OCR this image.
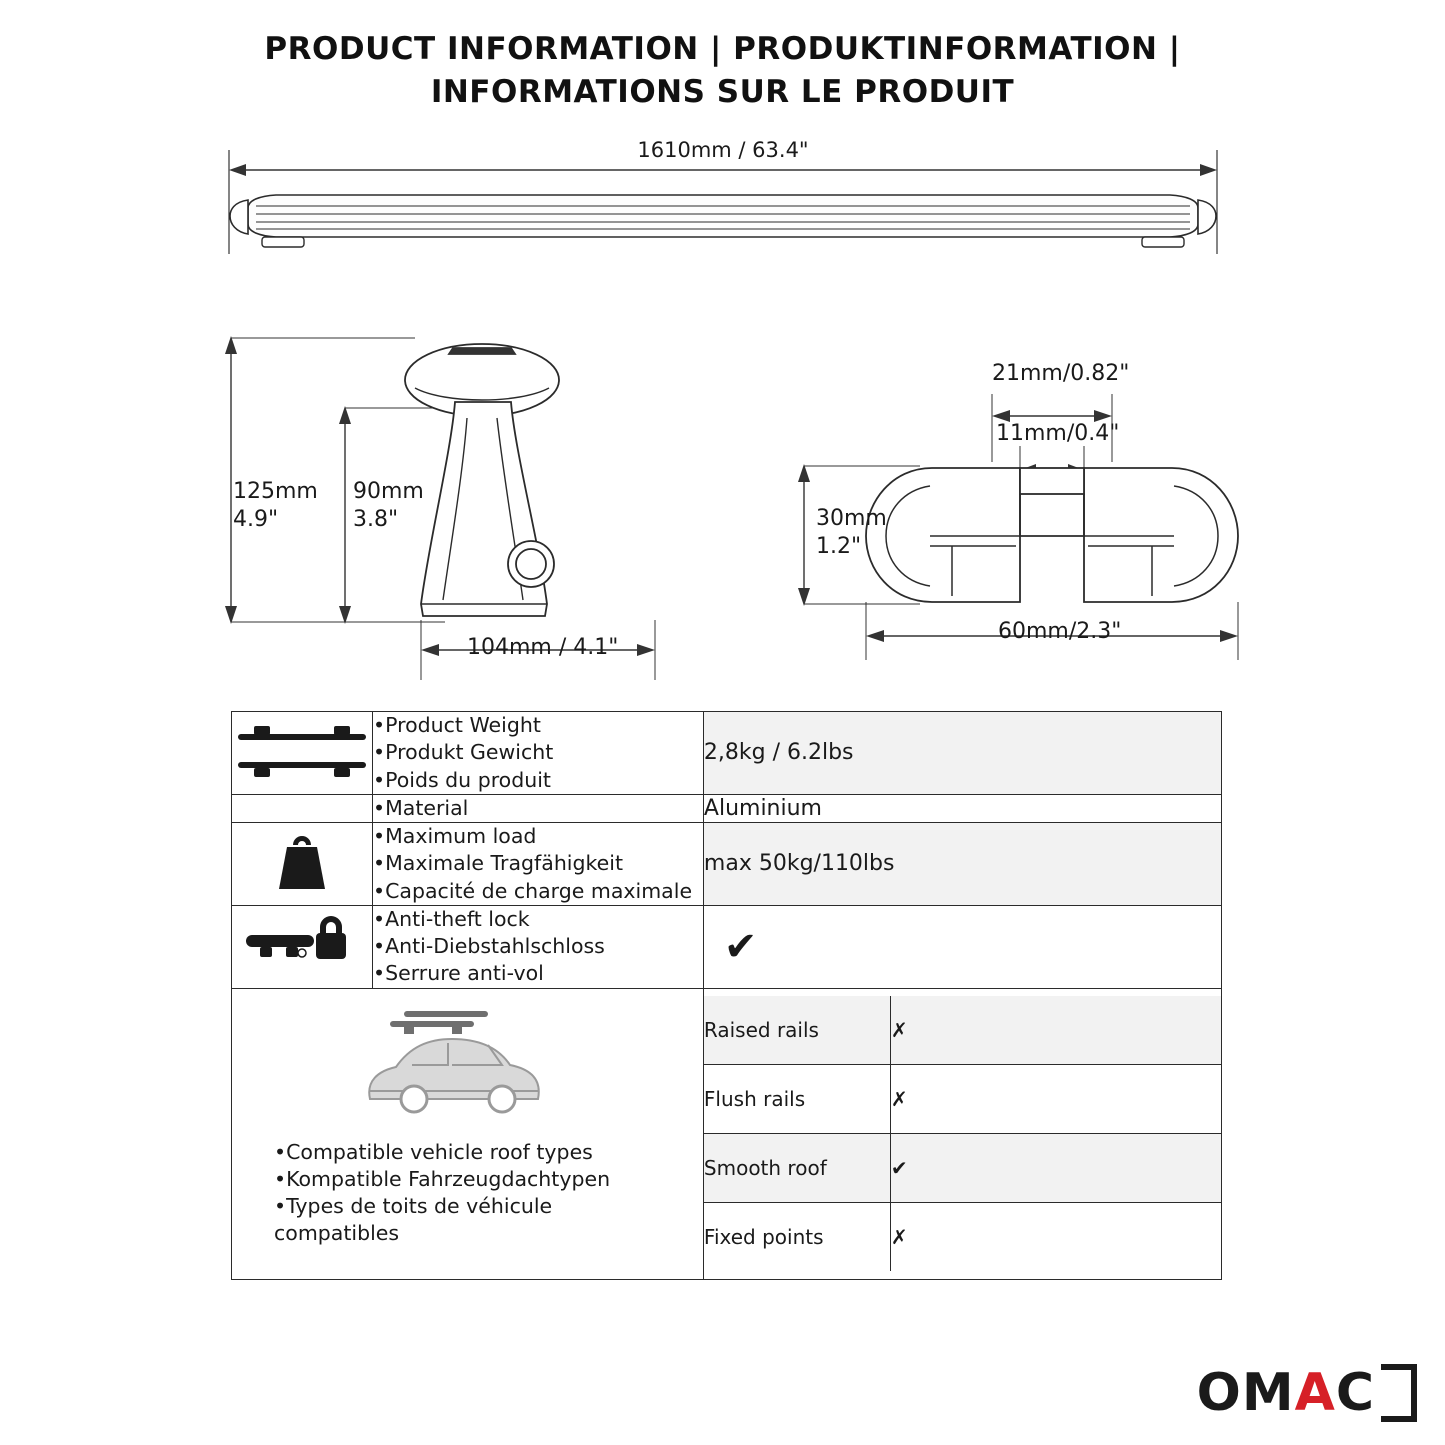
PRODUCT INFORMATION | PRODUKTINFORMATION |
INFORMATIONS SUR LE PRODUIT
1610mm / 63.4"
125mm
4.9"
90mm
3.8"
104mm / 4.1"
21mm/0.82"
11mm/0.4"
30mm
1.2"
60mm/2.3"

•Product Weight
•Produkt Gewicht
•Poids du produit
	2,8kg / 6.2lbs

•Material	Aluminium

•Maximum load
•Maximale Tragfähigkeit
•Capacité de charge maximale
	max 50kg/110lbs

•Anti-theft lock
•Anti-Diebstahlschloss
•Serrure anti-vol

✔

•Compatible vehicle roof types
•Kompatible Fahrzeugdachtypen
•Types de toits de véhicule
compatibles

Raised rails	✗
Flush rails	✗
Smooth roof	✔
Fixed points	✗
OM A C
